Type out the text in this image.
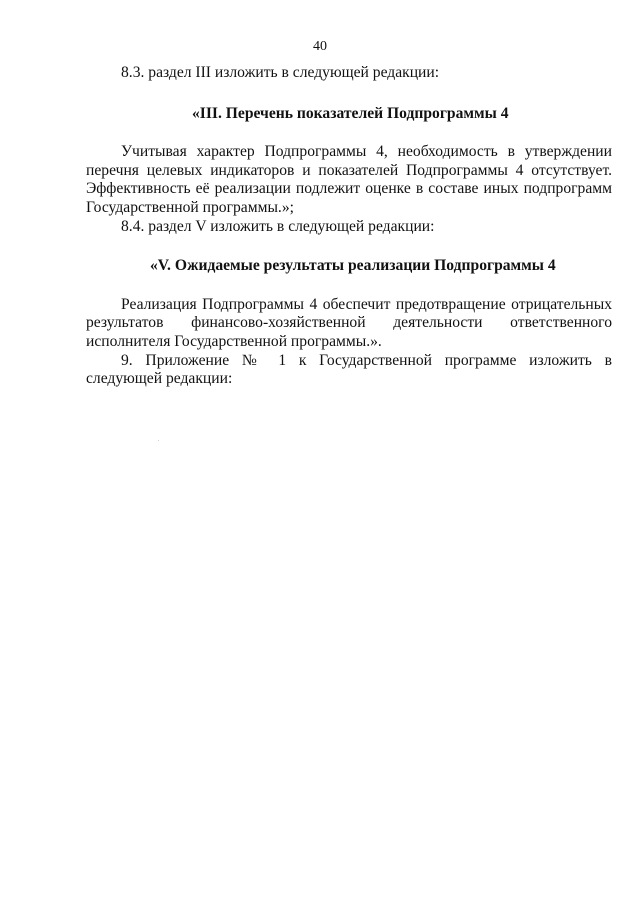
40

8.3. раздел III изложить в следующей редакции:

«III. Перечень показателей Подпрограммы 4

Учитывая характер Подпрограммы 4, необходимость в утверждении перечня целевых индикаторов и показателей Подпрограммы 4 отсутствует. Эффективность её реализации подлежит оценке в составе иных подпрограмм Государственной программы.»;

8.4. раздел V изложить в следующей редакции:

«V. Ожидаемые результаты реализации Подпрограммы 4

Реализация Подпрограммы 4 обеспечит предотвращение отрицательных результатов финансово-хозяйственной деятельности ответственного исполнителя Государственной программы.».

9. Приложение № 1 к Государственной программе изложить в следующей редакции:
